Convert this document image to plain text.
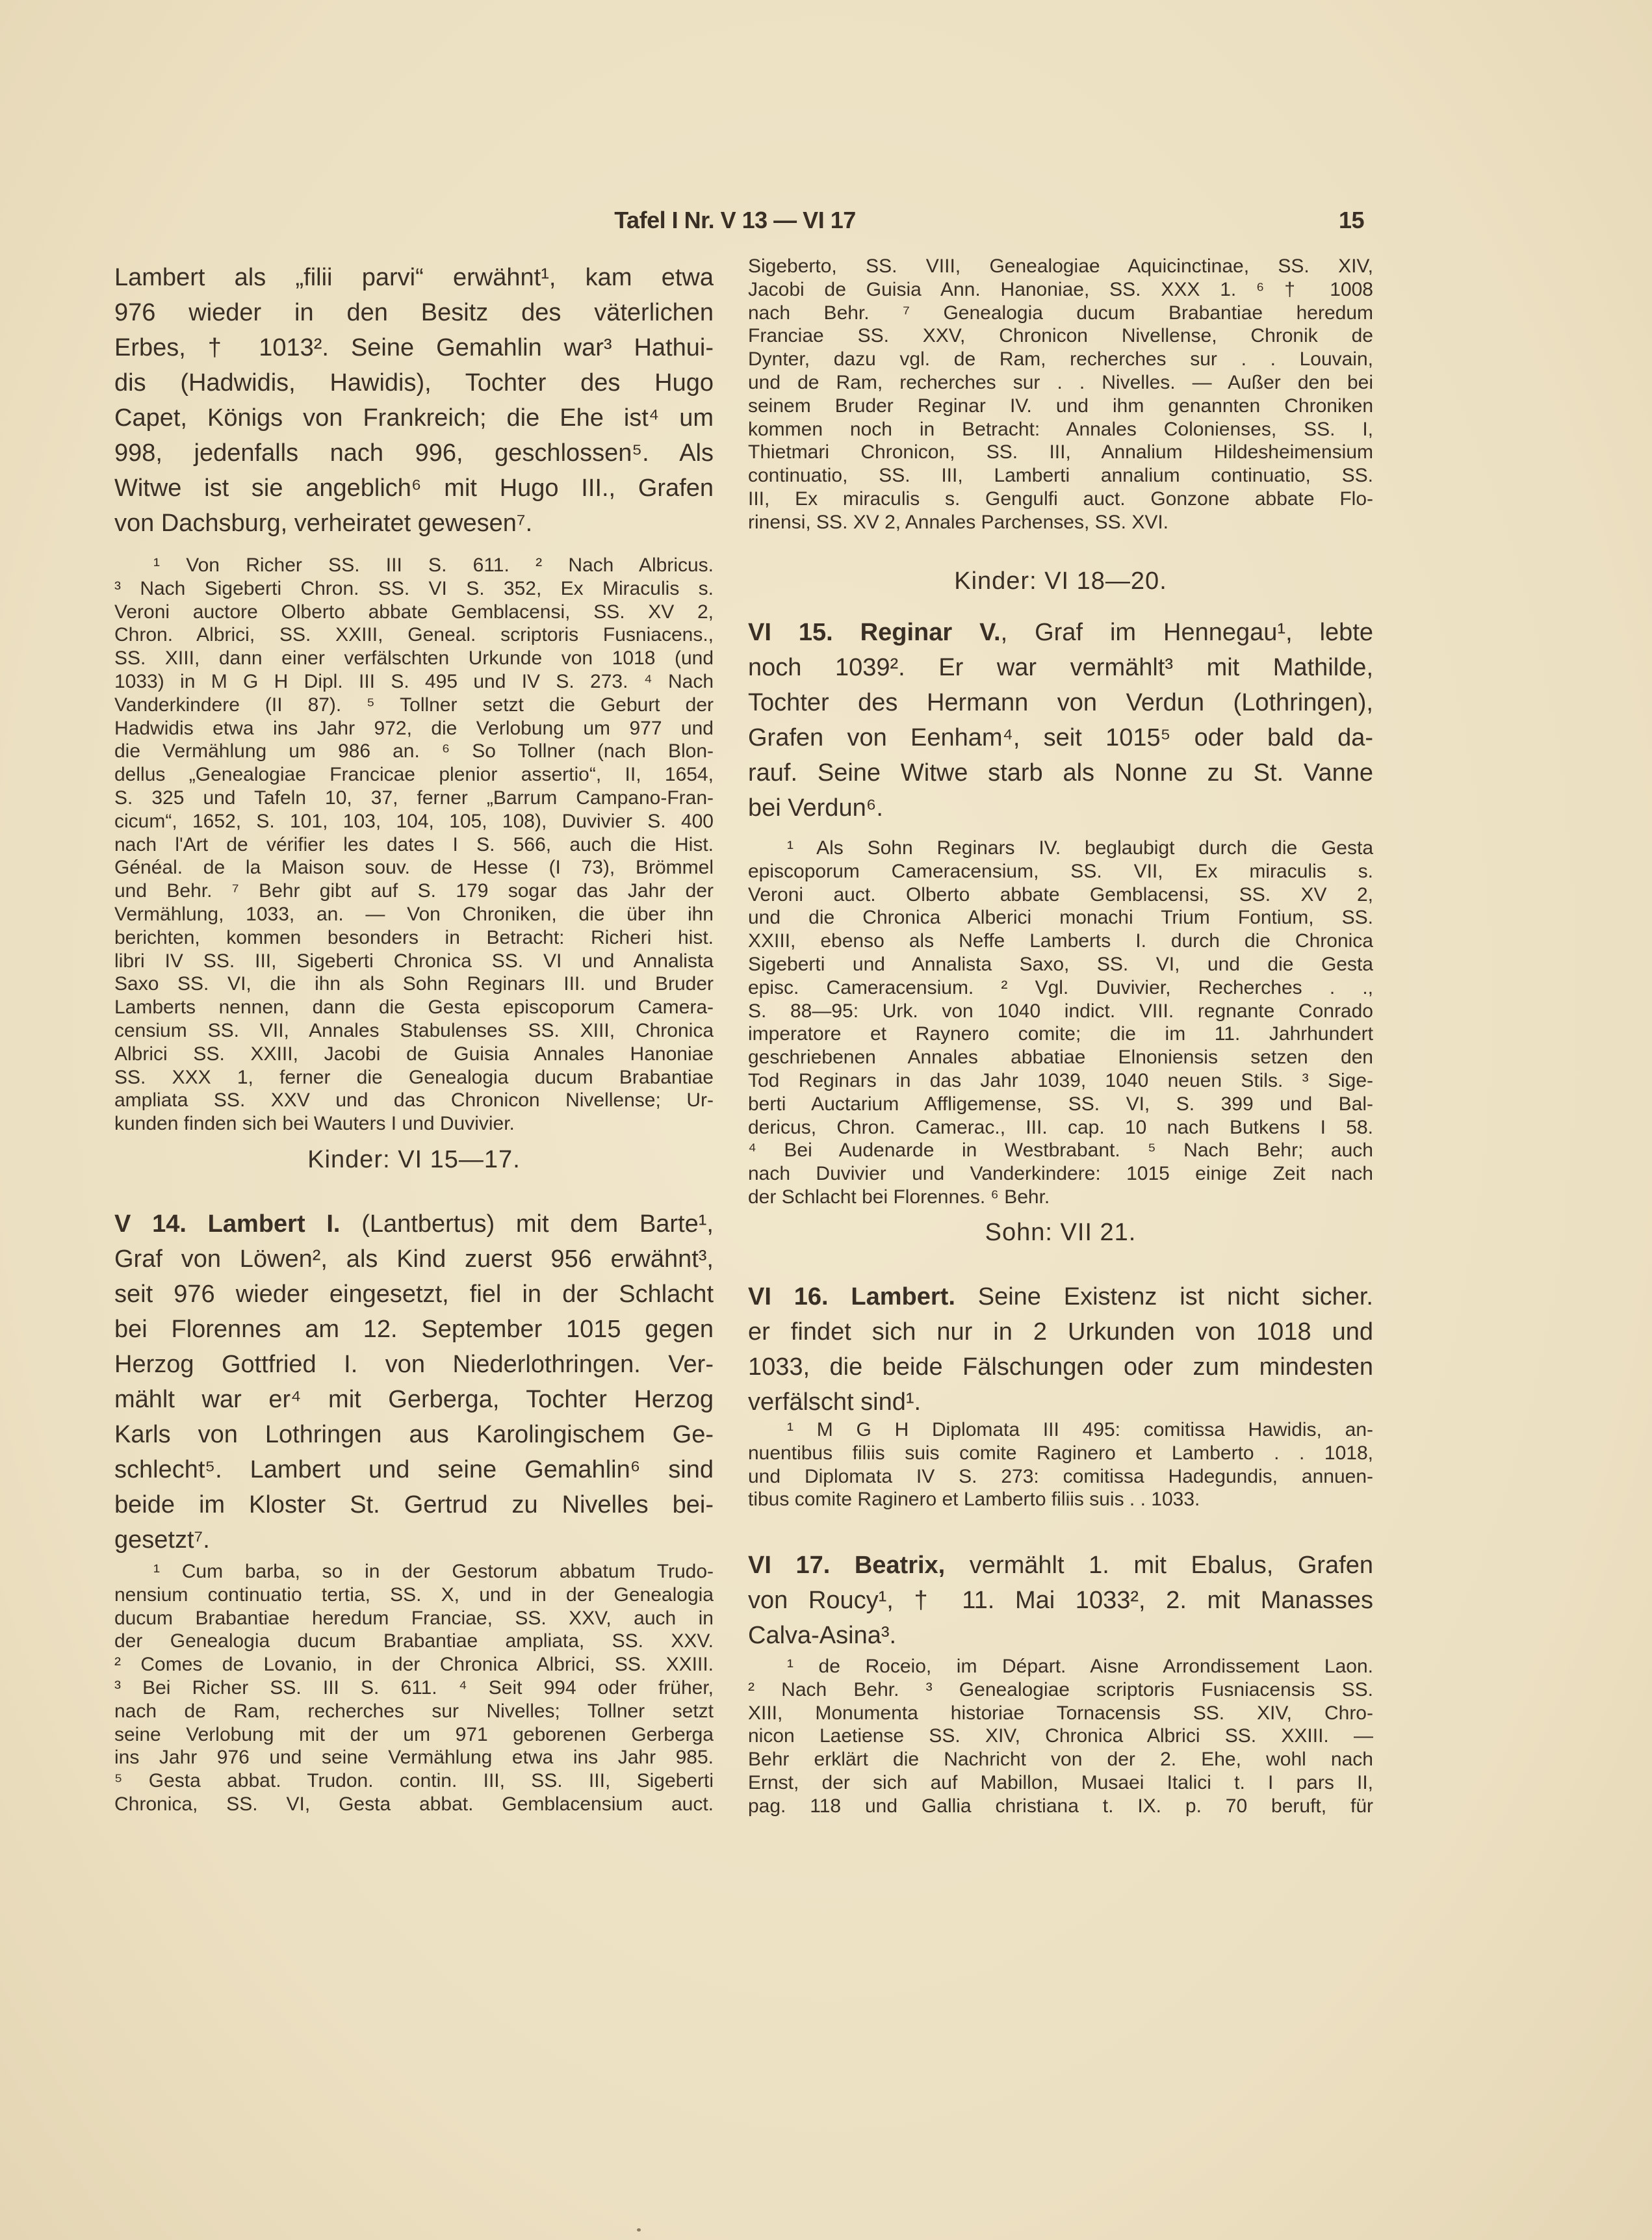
Tafel I Nr. V 13 — VI 17	15
Lambert als „filii parvi“ erwähnt¹, kam etwa
976 wieder in den Besitz des väterlichen
Erbes, † 1013². Seine Gemahlin war³ Hathui-
dis (Hadwidis, Hawidis), Tochter des Hugo
Capet, Königs von Frankreich; die Ehe ist⁴ um
998, jedenfalls nach 996, geschlossen⁵. Als
Witwe ist sie angeblich⁶ mit Hugo III., Grafen
von Dachsburg, verheiratet gewesen⁷.
¹ Von Richer SS. III S. 611. ² Nach Albricus.
³ Nach Sigeberti Chron. SS. VI S. 352, Ex Miraculis s.
Veroni auctore Olberto abbate Gemblacensi, SS. XV 2,
Chron. Albrici, SS. XXIII, Geneal. scriptoris Fusniacens.,
SS. XIII, dann einer verfälschten Urkunde von 1018 (und
1033) in M G H Dipl. III S. 495 und IV S. 273. ⁴ Nach
Vanderkindere (II 87). ⁵ Tollner setzt die Geburt der
Hadwidis etwa ins Jahr 972, die Verlobung um 977 und
die Vermählung um 986 an. ⁶ So Tollner (nach Blon-
dellus „Genealogiae Francicae plenior assertio“, II, 1654,
S. 325 und Tafeln 10, 37, ferner „Barrum Campano-Fran-
cicum“, 1652, S. 101, 103, 104, 105, 108), Duvivier S. 400
nach l'Art de vérifier les dates I S. 566, auch die Hist.
Généal. de la Maison souv. de Hesse (I 73), Brömmel
und Behr. ⁷ Behr gibt auf S. 179 sogar das Jahr der
Vermählung, 1033, an. — Von Chroniken, die über ihn
berichten, kommen besonders in Betracht: Richeri hist.
libri IV SS. III, Sigeberti Chronica SS. VI und Annalista
Saxo SS. VI, die ihn als Sohn Reginars III. und Bruder
Lamberts nennen, dann die Gesta episcoporum Camera-
censium SS. VII, Annales Stabulenses SS. XIII, Chronica
Albrici SS. XXIII, Jacobi de Guisia Annales Hanoniae
SS. XXX 1, ferner die Genealogia ducum Brabantiae
ampliata SS. XXV und das Chronicon Nivellense; Ur-
kunden finden sich bei Wauters I und Duvivier.
Kinder: VI 15—17.
V 14. Lambert I. (Lantbertus) mit dem Barte¹,
Graf von Löwen², als Kind zuerst 956 erwähnt³,
seit 976 wieder eingesetzt, fiel in der Schlacht
bei Florennes am 12. September 1015 gegen
Herzog Gottfried I. von Niederlothringen. Ver-
mählt war er⁴ mit Gerberga, Tochter Herzog
Karls von Lothringen aus Karolingischem Ge-
schlecht⁵. Lambert und seine Gemahlin⁶ sind
beide im Kloster St. Gertrud zu Nivelles bei-
gesetzt⁷.
¹ Cum barba, so in der Gestorum abbatum Trudo-
nensium continuatio tertia, SS. X, und in der Genealogia
ducum Brabantiae heredum Franciae, SS. XXV, auch in
der Genealogia ducum Brabantiae ampliata, SS. XXV.
² Comes de Lovanio, in der Chronica Albrici, SS. XXIII.
³ Bei Richer SS. III S. 611. ⁴ Seit 994 oder früher,
nach de Ram, recherches sur Nivelles; Tollner setzt
seine Verlobung mit der um 971 geborenen Gerberga
ins Jahr 976 und seine Vermählung etwa ins Jahr 985.
⁵ Gesta abbat. Trudon. contin. III, SS. III, Sigeberti
Chronica, SS. VI, Gesta abbat. Gemblacensium auct.
Sigeberto, SS. VIII, Genealogiae Aquicinctinae, SS. XIV,
Jacobi de Guisia Ann. Hanoniae, SS. XXX 1. ⁶ † 1008
nach Behr. ⁷ Genealogia ducum Brabantiae heredum
Franciae SS. XXV, Chronicon Nivellense, Chronik de
Dynter, dazu vgl. de Ram, recherches sur . . Louvain,
und de Ram, recherches sur . . Nivelles. — Außer den bei
seinem Bruder Reginar IV. und ihm genannten Chroniken
kommen noch in Betracht: Annales Colonienses, SS. I,
Thietmari Chronicon, SS. III, Annalium Hildesheimensium
continuatio, SS. III, Lamberti annalium continuatio, SS.
III, Ex miraculis s. Gengulfi auct. Gonzone abbate Flo-
rinensi, SS. XV 2, Annales Parchenses, SS. XVI.
Kinder: VI 18—20.
VI 15. Reginar V., Graf im Hennegau¹, lebte
noch 1039². Er war vermählt³ mit Mathilde,
Tochter des Hermann von Verdun (Lothringen),
Grafen von Eenham⁴, seit 1015⁵ oder bald da-
rauf. Seine Witwe starb als Nonne zu St. Vanne
bei Verdun⁶.
¹ Als Sohn Reginars IV. beglaubigt durch die Gesta
episcoporum Cameracensium, SS. VII, Ex miraculis s.
Veroni auct. Olberto abbate Gemblacensi, SS. XV 2,
und die Chronica Alberici monachi Trium Fontium, SS.
XXIII, ebenso als Neffe Lamberts I. durch die Chronica
Sigeberti und Annalista Saxo, SS. VI, und die Gesta
episc. Cameracensium. ² Vgl. Duvivier, Recherches . .,
S. 88—95: Urk. von 1040 indict. VIII. regnante Conrado
imperatore et Raynero comite; die im 11. Jahrhundert
geschriebenen Annales abbatiae Elnoniensis setzen den
Tod Reginars in das Jahr 1039, 1040 neuen Stils. ³ Sige-
berti Auctarium Affligemense, SS. VI, S. 399 und Bal-
dericus, Chron. Camerac., III. cap. 10 nach Butkens I 58.
⁴ Bei Audenarde in Westbrabant. ⁵ Nach Behr; auch
nach Duvivier und Vanderkindere: 1015 einige Zeit nach
der Schlacht bei Florennes. ⁶ Behr.
Sohn: VII 21.
VI 16. Lambert. Seine Existenz ist nicht sicher.
er findet sich nur in 2 Urkunden von 1018 und
1033, die beide Fälschungen oder zum mindesten
verfälscht sind¹.
¹ M G H Diplomata III 495: comitissa Hawidis, an-
nuentibus filiis suis comite Raginero et Lamberto . . 1018,
und Diplomata IV S. 273: comitissa Hadegundis, annuen-
tibus comite Raginero et Lamberto filiis suis . . 1033.
VI 17. Beatrix, vermählt 1. mit Ebalus, Grafen
von Roucy¹, † 11. Mai 1033², 2. mit Manasses
Calva-Asina³.
¹ de Roceio, im Départ. Aisne Arrondissement Laon.
² Nach Behr. ³ Genealogiae scriptoris Fusniacensis SS.
XIII, Monumenta historiae Tornacensis SS. XIV, Chro-
nicon Laetiense SS. XIV, Chronica Albrici SS. XXIII. —
Behr erklärt die Nachricht von der 2. Ehe, wohl nach
Ernst, der sich auf Mabillon, Musaei Italici t. I pars II,
pag. 118 und Gallia christiana t. IX. p. 70 beruft, für
